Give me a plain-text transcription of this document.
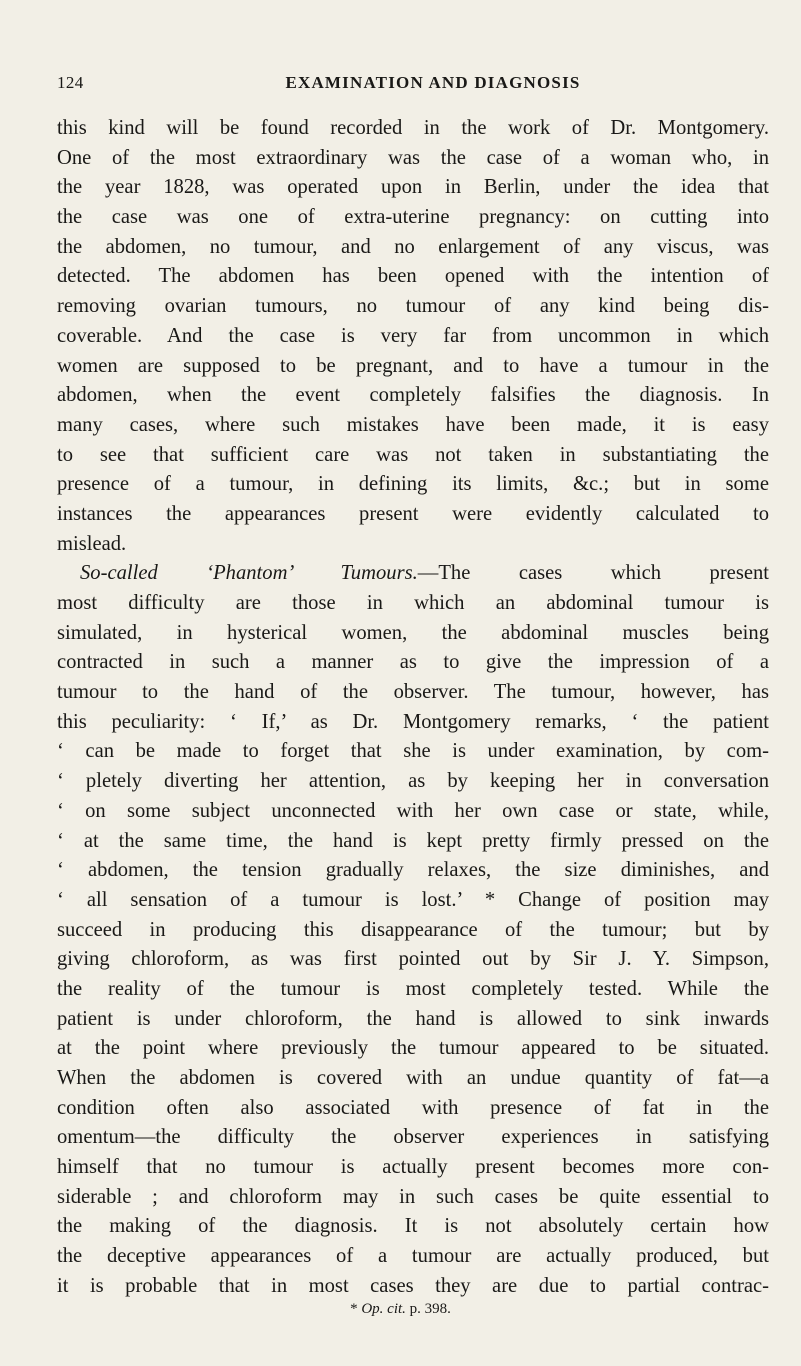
124	EXAMINATION AND DIAGNOSIS
this kind will be found recorded in the work of Dr. Montgomery.
One of the most extraordinary was the case of a woman who, in
the year 1828, was operated upon in Berlin, under the idea that
the case was one of extra-uterine pregnancy: on cutting into
the abdomen, no tumour, and no enlargement of any viscus, was
detected. The abdomen has been opened with the intention of
removing ovarian tumours, no tumour of any kind being dis-
coverable. And the case is very far from uncommon in which
women are supposed to be pregnant, and to have a tumour in the
abdomen, when the event completely falsifies the diagnosis. In
many cases, where such mistakes have been made, it is easy
to see that sufficient care was not taken in substantiating the
presence of a tumour, in defining its limits, &c.; but in some
instances the appearances present were evidently calculated to
mislead.
So-called ‘Phantom’ Tumours.—The cases which present
most difficulty are those in which an abdominal tumour is
simulated, in hysterical women, the abdominal muscles being
contracted in such a manner as to give the impression of a
tumour to the hand of the observer. The tumour, however, has
this peculiarity: ‘ If,’ as Dr. Montgomery remarks, ‘ the patient
‘ can be made to forget that she is under examination, by com-
‘ pletely diverting her attention, as by keeping her in conversation
‘ on some subject unconnected with her own case or state, while,
‘ at the same time, the hand is kept pretty firmly pressed on the
‘ abdomen, the tension gradually relaxes, the size diminishes, and
‘ all sensation of a tumour is lost.’ * Change of position may
succeed in producing this disappearance of the tumour; but by
giving chloroform, as was first pointed out by Sir J. Y. Simpson,
the reality of the tumour is most completely tested. While the
patient is under chloroform, the hand is allowed to sink inwards
at the point where previously the tumour appeared to be situated.
When the abdomen is covered with an undue quantity of fat—a
condition often also associated with presence of fat in the
omentum—the difficulty the observer experiences in satisfying
himself that no tumour is actually present becomes more con-
siderable ; and chloroform may in such cases be quite essential to
the making of the diagnosis. It is not absolutely certain how
the deceptive appearances of a tumour are actually produced, but
it is probable that in most cases they are due to partial contrac-
* Op. cit. p. 398.
